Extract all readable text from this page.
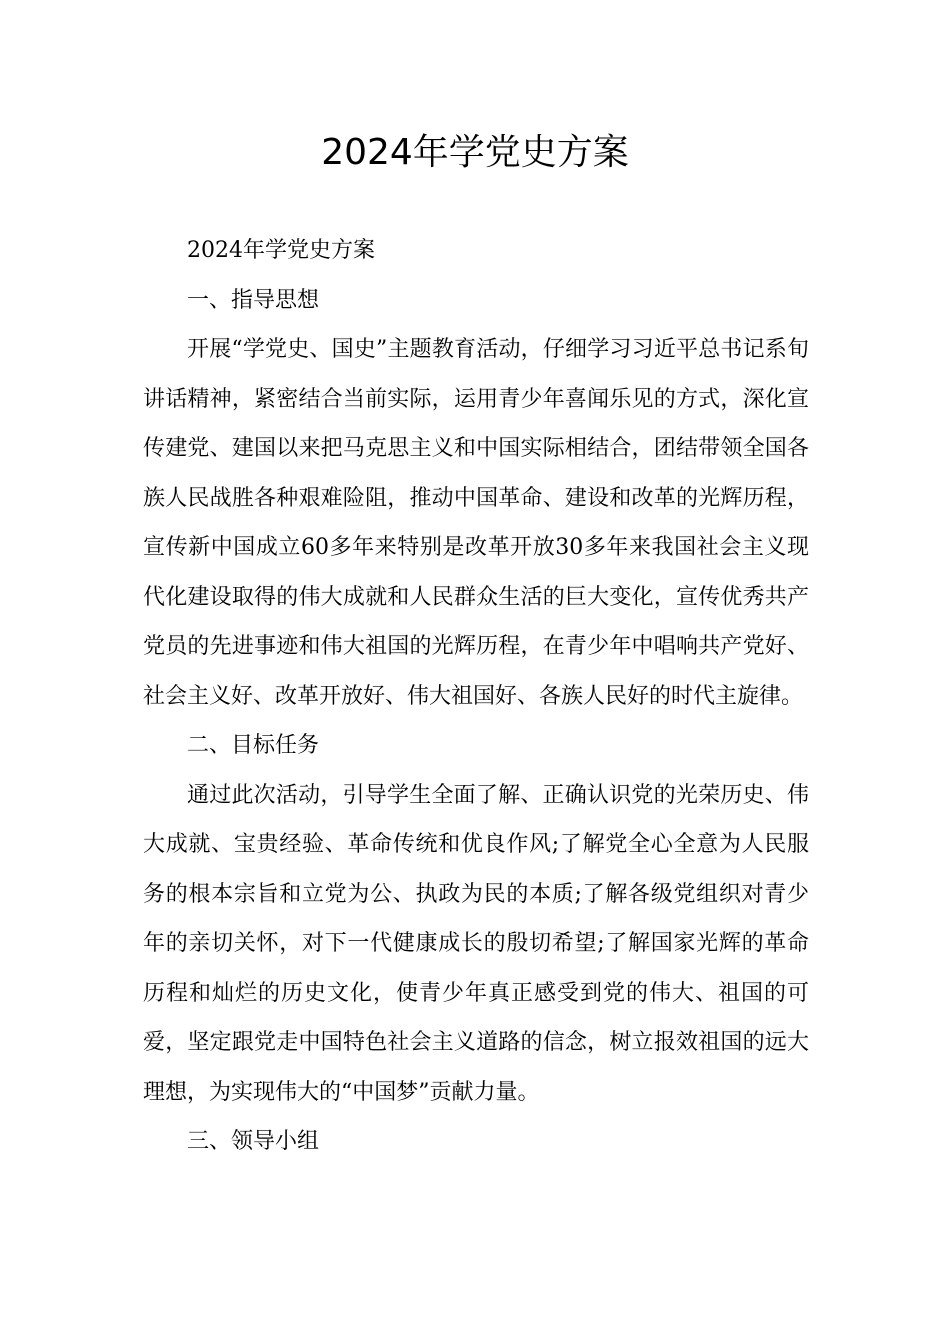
2024年学党史方案

2024年学党史方案

一、指导思想

开展“学党史、国史”主题教育活动，仔细学习习近平总书记系旬讲话精神，紧密结合当前实际，运用青少年喜闻乐见的方式，深化宣传建党、建国以来把马克思主义和中国实际相结合，团结带领全国各族人民战胜各种艰难险阻，推动中国革命、建设和改革的光辉历程，宣传新中国成立60多年来特别是改革开放30多年来我国社会主义现代化建设取得的伟大成就和人民群众生活的巨大变化，宣传优秀共产党员的先进事迹和伟大祖国的光辉历程，在青少年中唱响共产党好、社会主义好、改革开放好、伟大祖国好、各族人民好的时代主旋律。

二、目标任务

通过此次活动，引导学生全面了解、正确认识党的光荣历史、伟大成就、宝贵经验、革命传统和优良作风;了解党全心全意为人民服务的根本宗旨和立党为公、执政为民的本质;了解各级党组织对青少年的亲切关怀，对下一代健康成长的殷切希望;了解国家光辉的革命历程和灿烂的历史文化，使青少年真正感受到党的伟大、祖国的可爱，坚定跟党走中国特色社会主义道路的信念，树立报效祖国的远大理想，为实现伟大的“中国梦”贡献力量。

三、领导小组
